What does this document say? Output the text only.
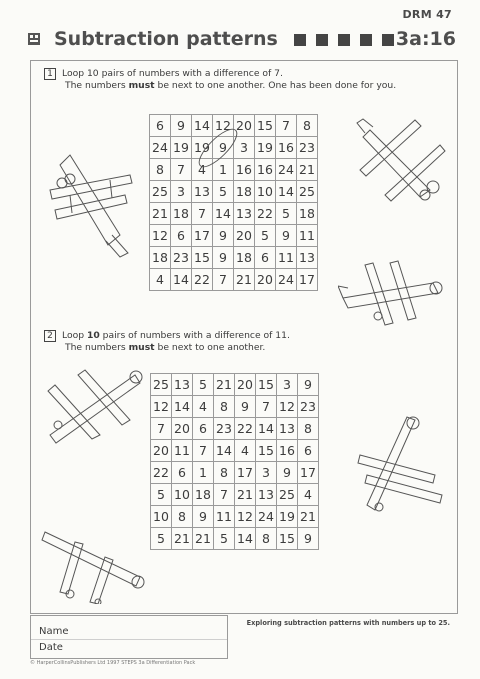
DRM 47
Subtraction patterns	3a:16
1 Loop 10 pairs of numbers with a difference of 7.
The numbers must be next to one another. One has been done for you.
6	9	14	12	20	15	7	8
24	19	19	9	3	19	16	23
8	7	4	1	16	16	24	21
25	3	13	5	18	10	14	25
21	18	7	14	13	22	5	18
12	6	17	9	20	5	9	11
18	23	15	9	18	6	11	13
4	14	22	7	21	20	24	17
2 Loop 10 pairs of numbers with a difference of 11.
The numbers must be next to one another.
25	13	5	21	20	15	3	9
12	14	4	8	9	7	12	23
7	20	6	23	22	14	13	8
20	11	7	14	4	15	16	6
22	6	1	8	17	3	9	17
5	10	18	7	21	13	25	4
10	8	9	11	12	24	19	21
5	21	21	5	14	8	15	9
Name
Date
Exploring subtraction patterns with numbers up to 25.
© HarperCollinsPublishers Ltd 1997 STEPS 3a Differentiation Pack
